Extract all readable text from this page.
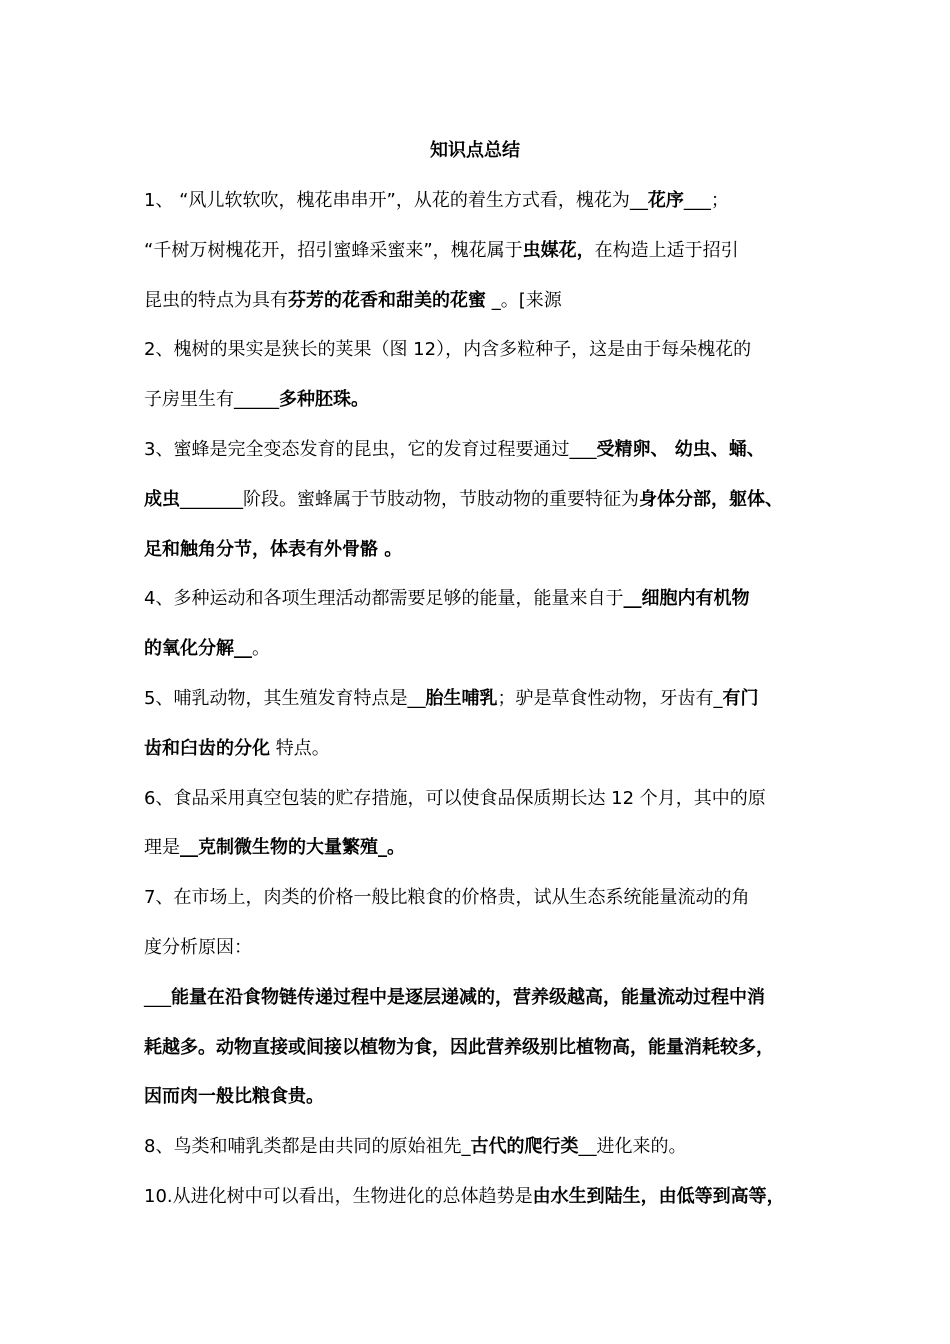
知识点总结
1、 “风儿软软吹，槐花串串开”，从花的着生方式看，槐花为__花序___；
“千树万树槐花开，招引蜜蜂采蜜来”，槐花属于虫媒花，在构造上适于招引
昆虫的特点为具有芬芳的花香和甜美的花蜜 _。[来源
2、槐树的果实是狭长的荚果（图 12），内含多粒种子，这是由于每朵槐花的
子房里生有_____多种胚珠。
3、蜜蜂是完全变态发育的昆虫，它的发育过程要通过___受精卵、 幼虫、蛹、
成虫_______阶段。蜜蜂属于节肢动物，节肢动物的重要特征为身体分部，躯体、
足和触角分节，体表有外骨骼 。
4、多种运动和各项生理活动都需要足够的能量，能量来自于__细胞内有机物
的氧化分解__。
5、哺乳动物，其生殖发育特点是__胎生哺乳；驴是草食性动物，牙齿有_有门
齿和臼齿的分化 特点。
6、食品采用真空包装的贮存措施，可以使食品保质期长达 12 个月，其中的原
理是__克制微生物的大量繁殖_。
7、在市场上，肉类的价格一般比粮食的价格贵，试从生态系统能量流动的角
度分析原因：
___能量在沿食物链传递过程中是逐层递减的，营养级越高，能量流动过程中消
耗越多。动物直接或间接以植物为食，因此营养级别比植物高，能量消耗较多，
因而肉一般比粮食贵。
8、鸟类和哺乳类都是由共同的原始祖先_古代的爬行类__进化来的。
10.从进化树中可以看出，生物进化的总体趋势是由水生到陆生，由低等到高等，
